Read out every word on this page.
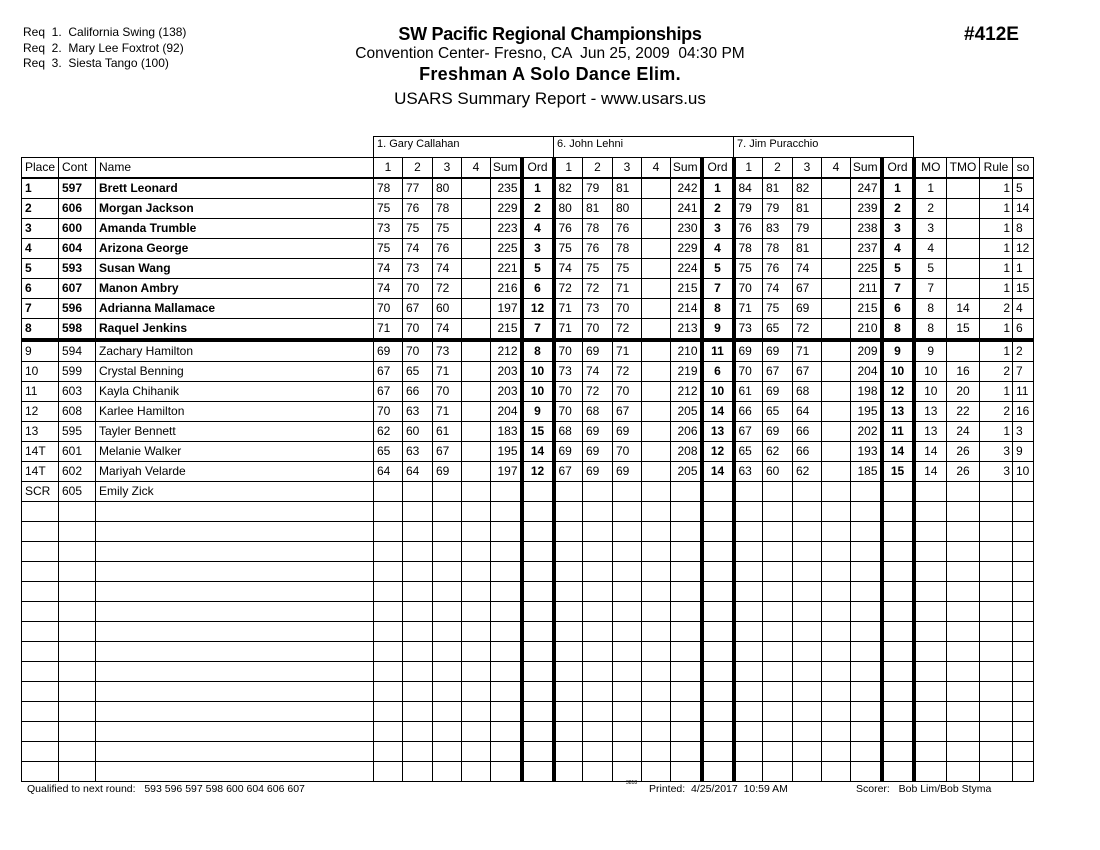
Req  1.  California Swing (138)
Req  2.  Mary Lee Foxtrot (92)
Req  3.  Siesta Tango (100)
SW Pacific Regional Championships
Convention Center- Fresno, CA  Jun 25, 2009  04:30 PM
Freshman A Solo Dance Elim.
USARS Summary Report - www.usars.us
#412E
			1. Gary Callahan						6. John Lehni						7. Jim Puracchio									
Place	Cont	Name	1	2	3	4	Sum	Ord	1	2	3	4	Sum	Ord	1	2	3	4	Sum	Ord	MO	TMO	Rule	so
1	597	Brett Leonard	78	77	80		235	1	82	79	81		242	1	84	81	82		247	1	1		1	5
2	606	Morgan Jackson	75	76	78		229	2	80	81	80		241	2	79	79	81		239	2	2		1	14
3	600	Amanda Trumble	73	75	75		223	4	76	78	76		230	3	76	83	79		238	3	3		1	8
4	604	Arizona George	75	74	76		225	3	75	76	78		229	4	78	78	81		237	4	4		1	12
5	593	Susan Wang	74	73	74		221	5	74	75	75		224	5	75	76	74		225	5	5		1	1
6	607	Manon Ambry	74	70	72		216	6	72	72	71		215	7	70	74	67		211	7	7		1	15
7	596	Adrianna Mallamace	70	67	60		197	12	71	73	70		214	8	71	75	69		215	6	8	14	2	4
8	598	Raquel Jenkins	71	70	74		215	7	71	70	72		213	9	73	65	72		210	8	8	15	1	6
9	594	Zachary Hamilton	69	70	73		212	8	70	69	71		210	11	69	69	71		209	9	9		1	2
10	599	Crystal Benning	67	65	71		203	10	73	74	72		219	6	70	67	67		204	10	10	16	2	7
11	603	Kayla Chihanik	67	66	70		203	10	70	72	70		212	10	61	69	68		198	12	10	20	1	11
12	608	Karlee Hamilton	70	63	71		204	9	70	68	67		205	14	66	65	64		195	13	13	22	2	16
13	595	Tayler Bennett	62	60	61		183	15	68	69	69		206	13	67	69	66		202	11	13	24	1	3
14T	601	Melanie Walker	65	63	67		195	14	69	69	70		208	12	65	62	66		193	14	14	26	3	9
14T	602	Mariyah Velarde	64	64	69		197	12	67	69	69		205	14	63	60	62		185	15	14	26	3	10
SCR	605	Emily Zick																						

Qualified to next round:   593 596 597 598 600 604 606 607	3818 Printed:  4/25/2017  10:59 AM	Scorer:   Bob Lim/Bob Styma
